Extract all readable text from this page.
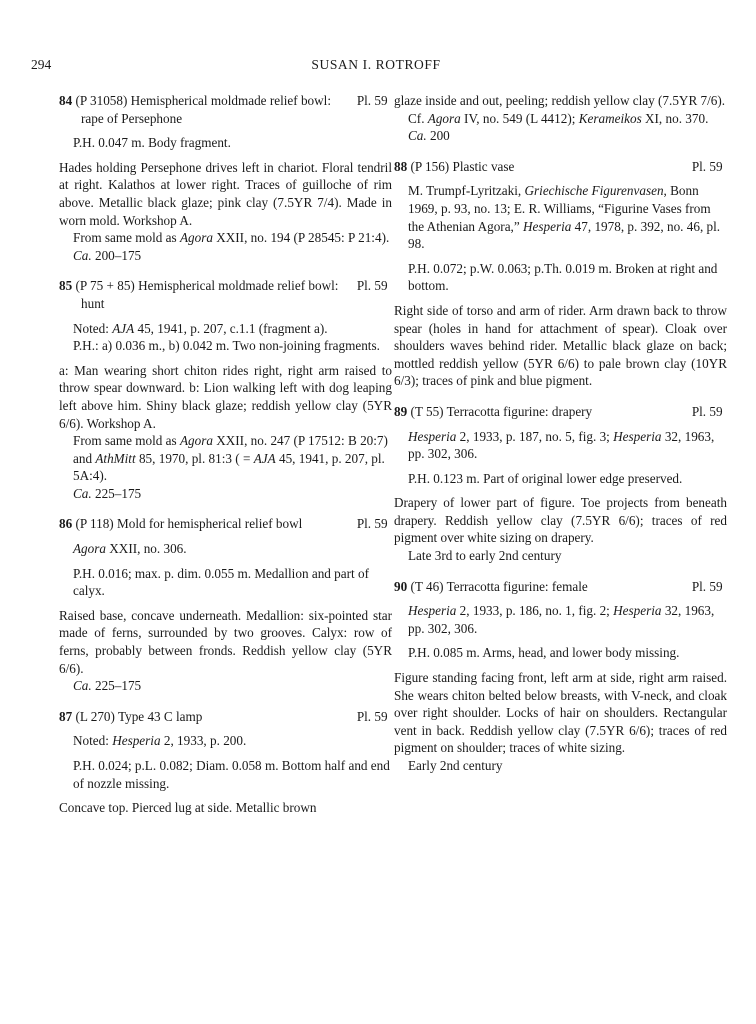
294	SUSAN I. ROTROFF
84 (P 31058) Hemispherical moldmade relief bowl: rape of Persephone
Pl. 59

P.H. 0.047 m. Body fragment.

Hades holding Persephone drives left in chariot. Floral tendril at right. Kalathos at lower right. Traces of guilloche of rim above. Metallic black glaze; pink clay (7.5YR 7/4). Made in worn mold. Workshop A.

From same mold as Agora XXII, no. 194 (P 28545: P 21:4).

Ca. 200–175

85 (P 75 + 85) Hemispherical moldmade relief bowl: hunt
Pl. 59

Noted: AJA 45, 1941, p. 207, c.1.1 (fragment a).

P.H.: a) 0.036 m., b) 0.042 m. Two non-joining fragments.

a: Man wearing short chiton rides right, right arm raised to throw spear downward. b: Lion walking left with dog leaping left above him. Shiny black glaze; reddish yellow clay (5YR 6/6). Workshop A.

From same mold as Agora XXII, no. 247 (P 17512: B 20:7) and AthMitt 85, 1970, pl. 81:3 ( = AJA 45, 1941, p. 207, pl. 5A:4).

Ca. 225–175

86 (P 118) Mold for hemispherical relief bowl	Pl. 59

Agora XXII, no. 306.

P.H. 0.016; max. p. dim. 0.055 m. Medallion and part of calyx.

Raised base, concave underneath. Medallion: six-pointed star made of ferns, surrounded by two grooves. Calyx: row of ferns, probably between fronds. Reddish yellow clay (5YR 6/6).

Ca. 225–175

87 (L 270) Type 43 C lamp	Pl. 59

Noted: Hesperia 2, 1933, p. 200.

P.H. 0.024; p.L. 0.082; Diam. 0.058 m. Bottom half and end of nozzle missing.

Concave top. Pierced lug at side. Metallic brown

glaze inside and out, peeling; reddish yellow clay (7.5YR 7/6).

Cf. Agora IV, no. 549 (L 4412); Kerameikos XI, no. 370.

Ca. 200

88 (P 156) Plastic vase	Pl. 59

M. Trumpf-Lyritzaki, Griechische Figurenvasen, Bonn 1969, p. 93, no. 13; E. R. Williams, “Figurine Vases from the Athenian Agora,” Hesperia 47, 1978, p. 392, no. 46, pl. 98.

P.H. 0.072; p.W. 0.063; p.Th. 0.019 m. Broken at right and bottom.

Right side of torso and arm of rider. Arm drawn back to throw spear (holes in hand for attachment of spear). Cloak over shoulders waves behind rider. Metallic black glaze on back; mottled reddish yellow (5YR 6/6) to pale brown clay (10YR 6/3); traces of pink and blue pigment.

89 (T 55) Terracotta figurine: drapery	Pl. 59

Hesperia 2, 1933, p. 187, no. 5, fig. 3; Hesperia 32, 1963, pp. 302, 306.

P.H. 0.123 m. Part of original lower edge preserved.

Drapery of lower part of figure. Toe projects from beneath drapery. Reddish yellow clay (7.5YR 6/6); traces of red pigment over white sizing on drapery.

Late 3rd to early 2nd century

90 (T 46) Terracotta figurine: female	Pl. 59

Hesperia 2, 1933, p. 186, no. 1, fig. 2; Hesperia 32, 1963, pp. 302, 306.

P.H. 0.085 m. Arms, head, and lower body missing.

Figure standing facing front, left arm at side, right arm raised. She wears chiton belted below breasts, with V-neck, and cloak over right shoulder. Locks of hair on shoulders. Rectangular vent in back. Reddish yellow clay (7.5YR 6/6); traces of red pigment on shoulder; traces of white sizing.

Early 2nd century
